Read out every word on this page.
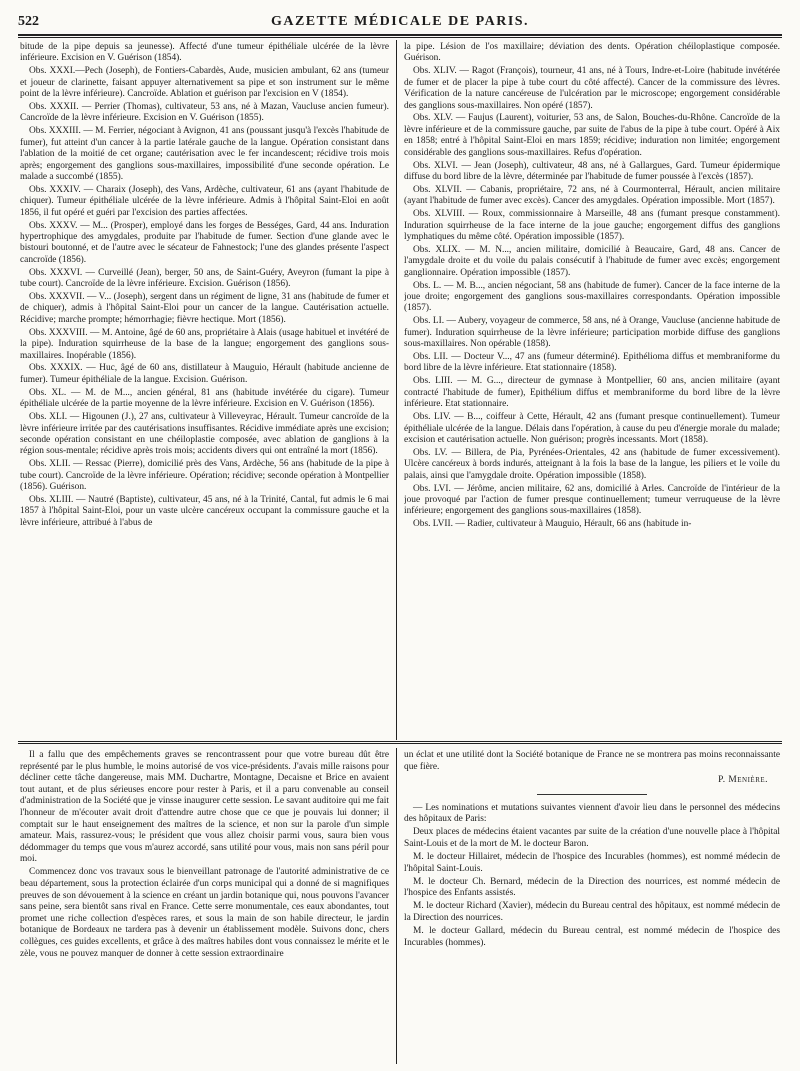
522	GAZETTE MÉDICALE DE PARIS.

bitude de la pipe depuis sa jeunesse). Affecté d'une tumeur épithéliale ulcérée de la lèvre inférieure. Excision en V. Guérison (1854).

Obs. XXXI.—Pech (Joseph), de Fontiers-Cabardès, Aude, musicien ambulant, 62 ans (tumeur et joueur de clarinette, faisant appuyer alternativement sa pipe et son instrument sur le même point de la lèvre inférieure). Cancroïde. Ablation et guérison par l'excision en V (1854).

Obs. XXXII. — Perrier (Thomas), cultivateur, 53 ans, né à Mazan, Vaucluse ancien fumeur). Cancroïde de la lèvre inférieure. Excision en V. Guérison (1855).

Obs. XXXIII. — M. Ferrier, négociant à Avignon, 41 ans (poussant jusqu'à l'excès l'habitude de fumer), fut atteint d'un cancer à la partie latérale gauche de la langue. Opération consistant dans l'ablation de la moitié de cet organe; cautérisation avec le fer incandescent; récidive trois mois après; engorgement des ganglions sous-maxillaires, impossibilité d'une seconde opération. Le malade a succombé (1855).

Obs. XXXIV. — Charaix (Joseph), des Vans, Ardèche, cultivateur, 61 ans (ayant l'habitude de chiquer). Tumeur épithéliale ulcérée de la lèvre inférieure. Admis à l'hôpital Saint-Eloi en août 1856, il fut opéré et guéri par l'excision des parties affectées.

Obs. XXXV. — M... (Prosper), employé dans les forges de Bességes, Gard, 44 ans. Induration hypertrophique des amygdales, produite par l'habitude de fumer. Section d'une glande avec le bistouri boutonné, et de l'autre avec le sécateur de Fahnestock; l'une des glandes présente l'aspect cancroïde (1856).

Obs. XXXVI. — Curveillé (Jean), berger, 50 ans, de Saint-Guéry, Aveyron (fumant la pipe à tube court). Cancroïde de la lèvre inférieure. Excision. Guérison (1856).

Obs. XXXVII. — V... (Joseph), sergent dans un régiment de ligne, 31 ans (habitude de fumer et de chiquer), admis à l'hôpital Saint-Eloi pour un cancer de la langue. Cautérisation actuelle. Récidive; marche prompte; hémorrhagie; fièvre hectique. Mort (1856).

Obs. XXXVIII. — M. Antoine, âgé de 60 ans, propriétaire à Alais (usage habituel et invétéré de la pipe). Induration squirrheuse de la base de la langue; engorgement des ganglions sous-maxillaires. Inopérable (1856).

Obs. XXXIX. — Huc, âgé de 60 ans, distillateur à Mauguio, Hérault (habitude ancienne de fumer). Tumeur épithéliale de la langue. Excision. Guérison.

Obs. XL. — M. de M..., ancien général, 81 ans (habitude invétérée du cigare). Tumeur épithéliale ulcérée de la partie moyenne de la lèvre inférieure. Excision en V. Guérison (1856).

Obs. XLI. — Higounen (J.), 27 ans, cultivateur à Villeveyrac, Hérault. Tumeur cancroïde de la lèvre inférieure irritée par des cautérisations insuffisantes. Récidive immédiate après une excision; seconde opération consistant en une chéiloplastie composée, avec ablation de ganglions à la région sous-mentale; récidive après trois mois; accidents divers qui ont entraîné la mort (1856).

Obs. XLII. — Ressac (Pierre), domicilié près des Vans, Ardèche, 56 ans (habitude de la pipe à tube court). Cancroïde de la lèvre inférieure. Opération; récidive; seconde opération à Montpellier (1856). Guérison.

Obs. XLIII. — Nautré (Baptiste), cultivateur, 45 ans, né à la Trinité, Cantal, fut admis le 6 mai 1857 à l'hôpital Saint-Eloi, pour un vaste ulcère cancéreux occupant la commissure gauche et la lèvre inférieure, attribué à l'abus de

la pipe. Lésion de l'os maxillaire; déviation des dents. Opération chéiloplastique composée. Guérison.

Obs. XLIV. — Ragot (François), tourneur, 41 ans, né à Tours, Indre-et-Loire (habitude invétérée de fumer et de placer la pipe à tube court du côté affecté). Cancer de la commissure des lèvres. Vérification de la nature cancéreuse de l'ulcération par le microscope; engorgement considérable des ganglions sous-maxillaires. Non opéré (1857).

Obs. XLV. — Faujus (Laurent), voiturier, 53 ans, de Salon, Bouches-du-Rhône. Cancroïde de la lèvre inférieure et de la commissure gauche, par suite de l'abus de la pipe à tube court. Opéré à Aix en 1858; entré à l'hôpital Saint-Eloi en mars 1859; récidive; induration non limitée; engorgement considérable des ganglions sous-maxillaires. Refus d'opération.

Obs. XLVI. — Jean (Joseph), cultivateur, 48 ans, né à Gallargues, Gard. Tumeur épidermique diffuse du bord libre de la lèvre, déterminée par l'habitude de fumer poussée à l'excès (1857).

Obs. XLVII. — Cabanis, propriétaire, 72 ans, né à Courmonterral, Hérault, ancien militaire (ayant l'habitude de fumer avec excès). Cancer des amygdales. Opération impossible. Mort (1857).

Obs. XLVIII. — Roux, commissionnaire à Marseille, 48 ans (fumant presque constamment). Induration squirrheuse de la face interne de la joue gauche; engorgement diffus des ganglions lymphatiques du même côté. Opération impossible (1857).

Obs. XLIX. — M. N..., ancien militaire, domicilié à Beaucaire, Gard, 48 ans. Cancer de l'amygdale droite et du voile du palais consécutif à l'habitude de fumer avec excès; engorgement ganglionnaire. Opération impossible (1857).

Obs. L. — M. B..., ancien négociant, 58 ans (habitude de fumer). Cancer de la face interne de la joue droite; engorgement des ganglions sous-maxillaires correspondants. Opération impossible (1857).

Obs. LI. — Aubery, voyageur de commerce, 58 ans, né à Orange, Vaucluse (ancienne habitude de fumer). Induration squirrheuse de la lèvre inférieure; participation morbide diffuse des ganglions sous-maxillaires. Non opérable (1858).

Obs. LII. — Docteur V..., 47 ans (fumeur déterminé). Epithélioma diffus et membraniforme du bord libre de la lèvre inférieure. Etat stationnaire (1858).

Obs. LIII. — M. G..., directeur de gymnase à Montpellier, 60 ans, ancien militaire (ayant contracté l'habitude de fumer), Epithélium diffus et membraniforme du bord libre de la lèvre inférieure. Etat stationnaire.

Obs. LIV. — B..., coiffeur à Cette, Hérault, 42 ans (fumant presque continuellement). Tumeur épithéliale ulcérée de la langue. Délais dans l'opération, à cause du peu d'énergie morale du malade; excision et cautérisation actuelle. Non guérison; progrès incessants. Mort (1858).

Obs. LV. — Billera, de Pia, Pyrénées-Orientales, 42 ans (habitude de fumer excessivement). Ulcère cancéreux à bords indurés, atteignant à la fois la base de la langue, les piliers et le voile du palais, ainsi que l'amygdale droite. Opération impossible (1858).

Obs. LVI. — Jérôme, ancien militaire, 62 ans, domicilié à Arles. Cancroïde de l'intérieur de la joue provoqué par l'action de fumer presque continuellement; tumeur verruqueuse de la lèvre inférieure; engorgement des ganglions sous-maxillaires (1858).

Obs. LVII. — Radier, cultivateur à Mauguio, Hérault, 66 ans (habitude in-

Il a fallu que des empêchements graves se rencontrassent pour que votre bureau dût être représenté par le plus humble, le moins autorisé de vos vice-présidents. J'avais mille raisons pour décliner cette tâche dangereuse, mais MM. Duchartre, Montagne, Decaisne et Brice en avaient tout autant, et de plus sérieuses encore pour rester à Paris, et il a paru convenable au conseil d'administration de la Société que je vinsse inaugurer cette session. Le savant auditoire qui me fait l'honneur de m'écouter avait droit d'attendre autre chose que ce que je pouvais lui donner; il comptait sur le haut enseignement des maîtres de la science, et non sur la parole d'un simple amateur. Mais, rassurez-vous; le président que vous allez choisir parmi vous, saura bien vous dédommager du temps que vous m'aurez accordé, sans utilité pour vous, mais non sans péril pour moi.

Commencez donc vos travaux sous le bienveillant patronage de l'autorité administrative de ce beau département, sous la protection éclairée d'un corps municipal qui a donné de si magnifiques preuves de son dévouement à la science en créant un jardin botanique qui, nous pouvons l'avancer sans peine, sera bientôt sans rival en France. Cette serre monumentale, ces eaux abondantes, tout promet une riche collection d'espèces rares, et sous la main de son habile directeur, le jardin botanique de Bordeaux ne tardera pas à devenir un établissement modèle. Suivons donc, chers collègues, ces guides excellents, et grâce à des maîtres habiles dont vous connaissez le mérite et le zèle, vous ne pouvez manquer de donner à cette session extraordinaire

un éclat et une utilité dont la Société botanique de France ne se montrera pas moins reconnaissante que fière.

P. Menière.

— Les nominations et mutations suivantes viennent d'avoir lieu dans le personnel des médecins des hôpitaux de Paris:

Deux places de médecins étaient vacantes par suite de la création d'une nouvelle place à l'hôpital Saint-Louis et de la mort de M. le docteur Baron.

M. le docteur Hillairet, médecin de l'hospice des Incurables (hommes), est nommé médecin de l'hôpital Saint-Louis.

M. le docteur Ch. Bernard, médecin de la Direction des nourrices, est nommé médecin de l'hospice des Enfants assistés.

M. le docteur Richard (Xavier), médecin du Bureau central des hôpitaux, est nommé médecin de la Direction des nourrices.

M. le docteur Gallard, médecin du Bureau central, est nommé médecin de l'hospice des Incurables (hommes).
